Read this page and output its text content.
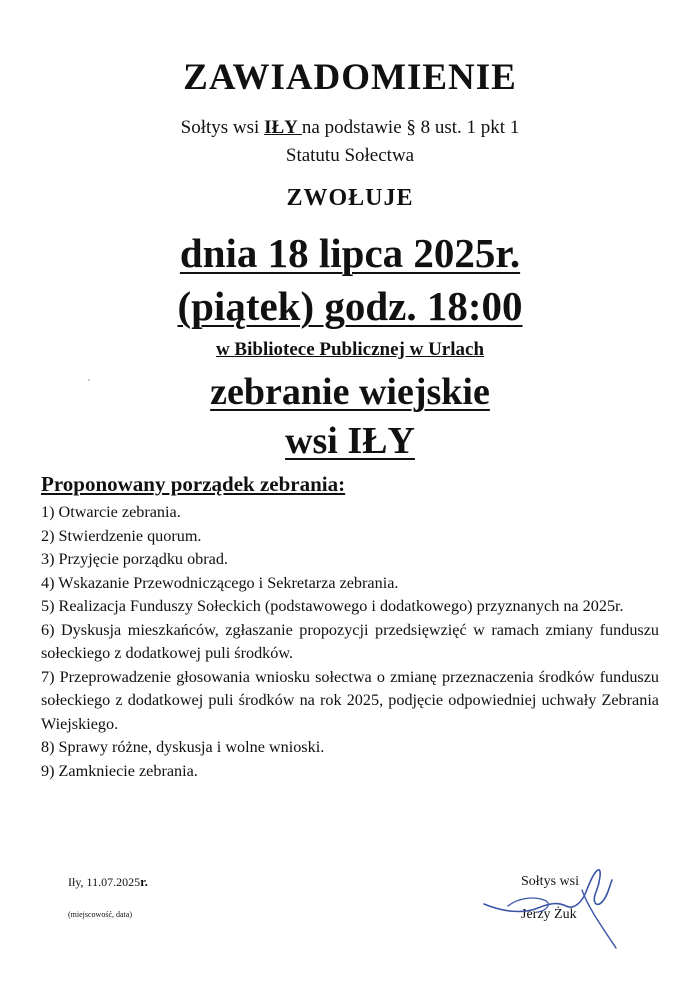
ZAWIADOMIENIE
Sołtys wsi IŁY na podstawie § 8 ust. 1 pkt 1
Statutu Sołectwa
ZWOŁUJE
dnia 18 lipca 2025r.
(piątek) godz. 18:00
w Bibliotece Publicznej w Urlach
zebranie wiejskie
wsi IŁY
Proponowany porządek zebrania:
1) Otwarcie zebrania.
2) Stwierdzenie quorum.
3) Przyjęcie porządku obrad.
4) Wskazanie Przewodniczącego i Sekretarza zebrania.
5) Realizacja Funduszy Sołeckich (podstawowego i dodatkowego) przyznanych na 2025r.
6) Dyskusja mieszkańców, zgłaszanie propozycji przedsięwzięć w ramach zmiany funduszu sołeckiego z dodatkowej puli środków.
7) Przeprowadzenie głosowania wniosku sołectwa o zmianę przeznaczenia środków funduszu sołeckiego z dodatkowej puli środków na rok 2025, podjęcie odpowiedniej uchwały Zebrania Wiejskiego.
8) Sprawy różne, dyskusja i wolne wnioski.
9) Zamkniecie zebrania.
Iły, 11.07.2025r.
(miejscowość, data)
Sołtys wsi
Jerzy Żuk
